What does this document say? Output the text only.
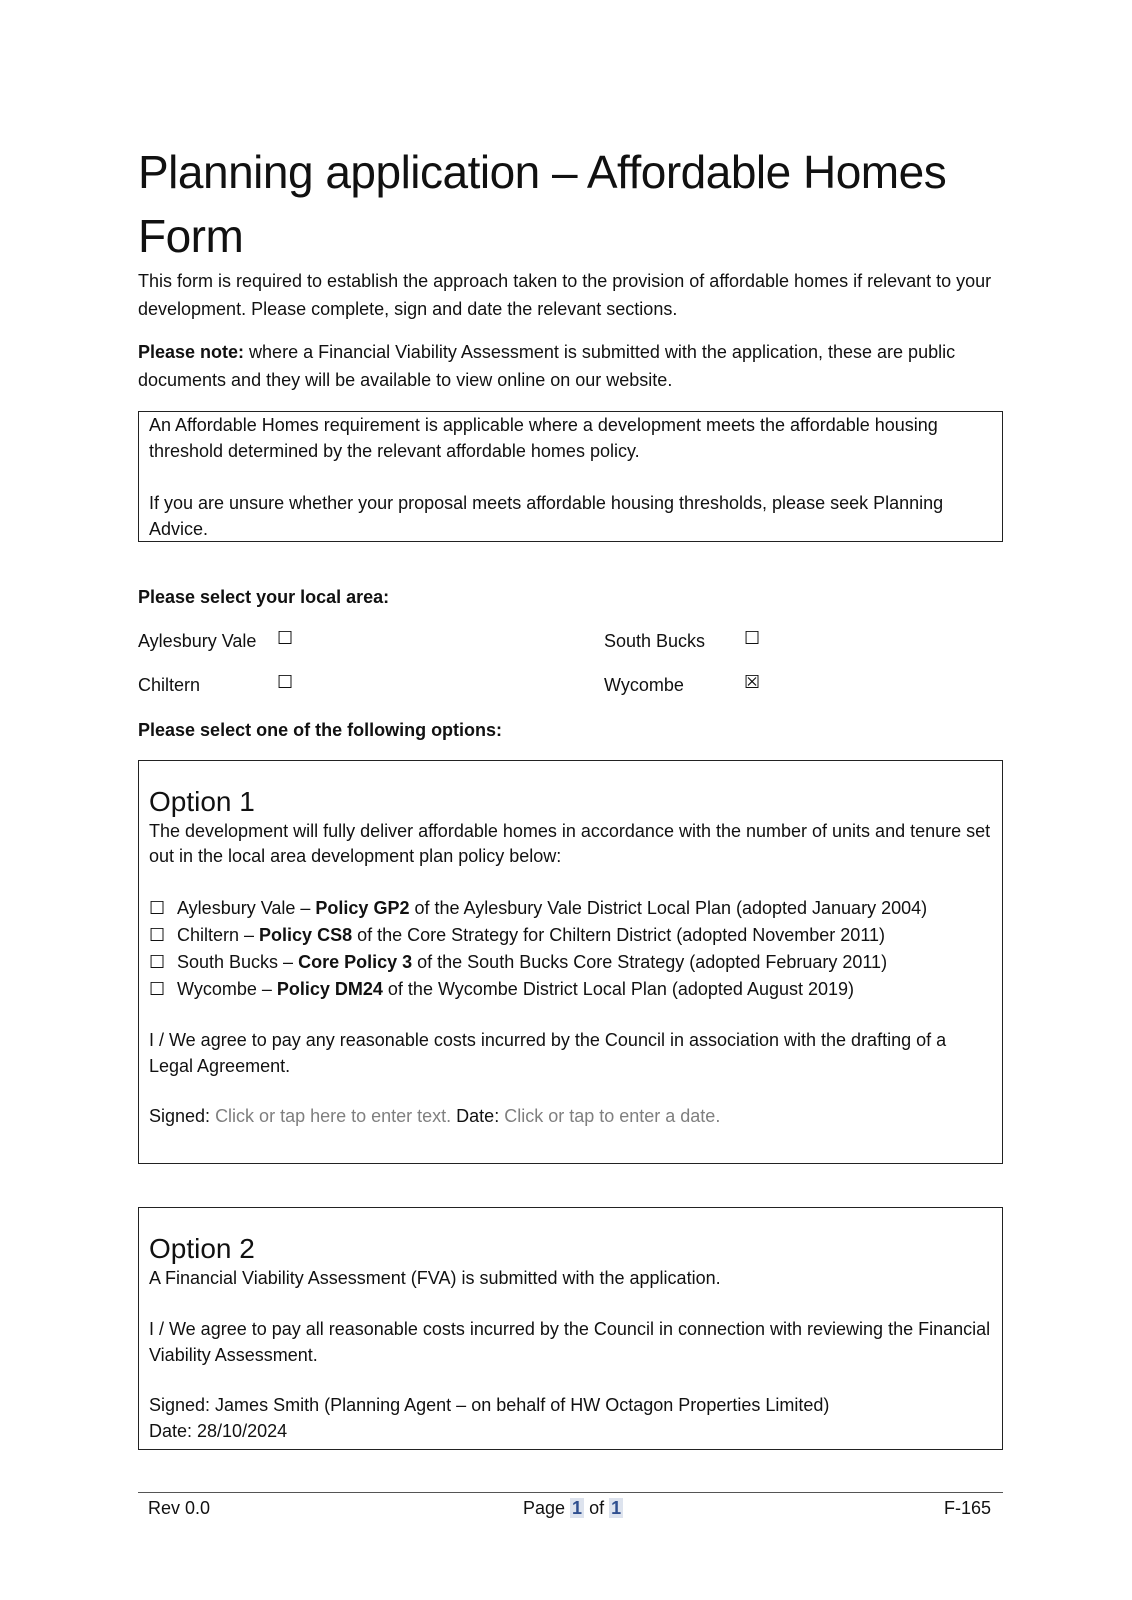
Planning application – Affordable Homes Form

This form is required to establish the approach taken to the provision of affordable homes if relevant to your development. Please complete, sign and date the relevant sections.

Please note: where a Financial Viability Assessment is submitted with the application, these are public documents and they will be available to view online on our website.

An Affordable Homes requirement is applicable where a development meets the affordable housing threshold determined by the relevant affordable homes policy.

If you are unsure whether your proposal meets affordable housing thresholds, please seek Planning Advice.

Please select your local area:

Aylesbury Vale ☐	South Bucks ☐

Chiltern	☐	Wycombe	☒

Please select one of the following options:

Option 1

The development will fully deliver affordable homes in accordance with the number of units and tenure set out in the local area development plan policy below:

☐ Aylesbury Vale – Policy GP2 of the Aylesbury Vale District Local Plan (adopted January 2004)
☐ Chiltern – Policy CS8 of the Core Strategy for Chiltern District (adopted November 2011)
☐ South Bucks – Core Policy 3 of the South Bucks Core Strategy (adopted February 2011)
☐ Wycombe – Policy DM24 of the Wycombe District Local Plan (adopted August 2019)

I / We agree to pay any reasonable costs incurred by the Council in association with the drafting of a Legal Agreement.

Signed: Click or tap here to enter text. Date: Click or tap to enter a date.

Option 2

A Financial Viability Assessment (FVA) is submitted with the application.

I / We agree to pay all reasonable costs incurred by the Council in connection with reviewing the Financial Viability Assessment.

Signed: James Smith (Planning Agent – on behalf of HW Octagon Properties Limited)

Date: 28/10/2024

Rev 0.0	Page 1 of 1	F-165
